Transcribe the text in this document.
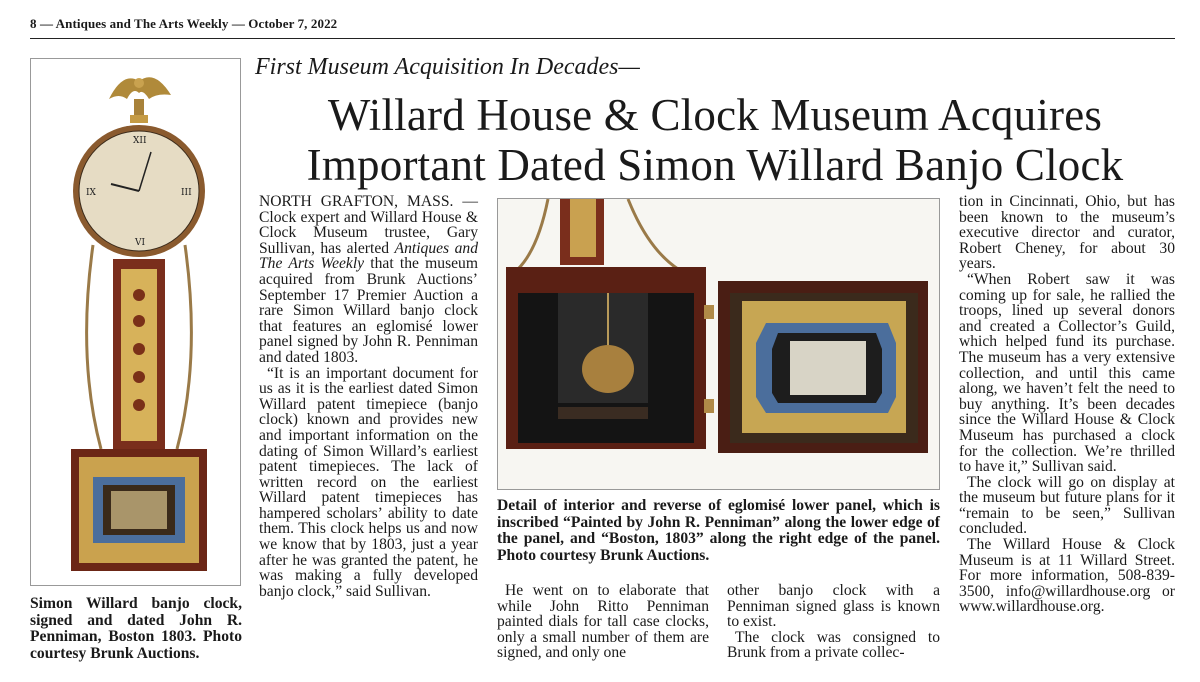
8 — Antiques and The Arts Weekly — October 7, 2022
First Museum Acquisition In Decades—
Willard House & Clock Museum Acquires
Important Dated Simon Willard Banjo Clock
XII
III
VI
IX
Simon Willard banjo clock, signed and dated John R. Penniman, Boston 1803. Photo courtesy Brunk Auctions.
Detail of interior and reverse of eglomisé lower panel, which is inscribed “Painted by John R. Penniman” along the lower edge of the panel, and “Boston, 1803” along the right edge of the panel. Photo courtesy Brunk Auctions.

NORTH GRAFTON, MASS. — Clock expert and Willard House & Clock Museum trustee, Gary Sullivan, has alerted Antiques and The Arts Weekly that the museum acquired from Brunk Auctions’ September 17 Premier Auction a rare Simon Willard banjo clock that features an eglomisé lower panel signed by John R. Penniman and dated 1803.

“It is an important document for us as it is the earliest dated Simon Willard patent timepiece (banjo clock) known and provides new and important information on the dating of Simon Willard’s earliest patent timepieces. The lack of written record on the earliest Willard patent timepieces has hampered scholars’ ability to date them. This clock helps us and now we know that by 1803, just a year after he was granted the patent, he was making a fully developed banjo clock,” said Sullivan.	He went on to elaborate that while John Ritto Penniman painted dials for tall case clocks, only a small number of them are signed, and only one

other banjo clock with a Penniman signed glass is known to exist.

The clock was consigned to Brunk from a private collec-

tion in Cincinnati, Ohio, but has been known to the museum’s executive director and curator, Robert Cheney, for about 30 years.

“When Robert saw it was coming up for sale, he rallied the troops, lined up several donors and created a Collector’s Guild, which helped fund its purchase. The museum has a very extensive collection, and until this came along, we haven’t felt the need to buy anything. It’s been decades since the Willard House & Clock Museum has purchased a clock for the collection. We’re thrilled to have it,” Sullivan said.

The clock will go on display at the museum but future plans for it “remain to be seen,” Sullivan concluded.

The Willard House & Clock Museum is at 11 Willard Street. For more information, 508-839-3500, info@willardhouse.org or www.willardhouse.org.
